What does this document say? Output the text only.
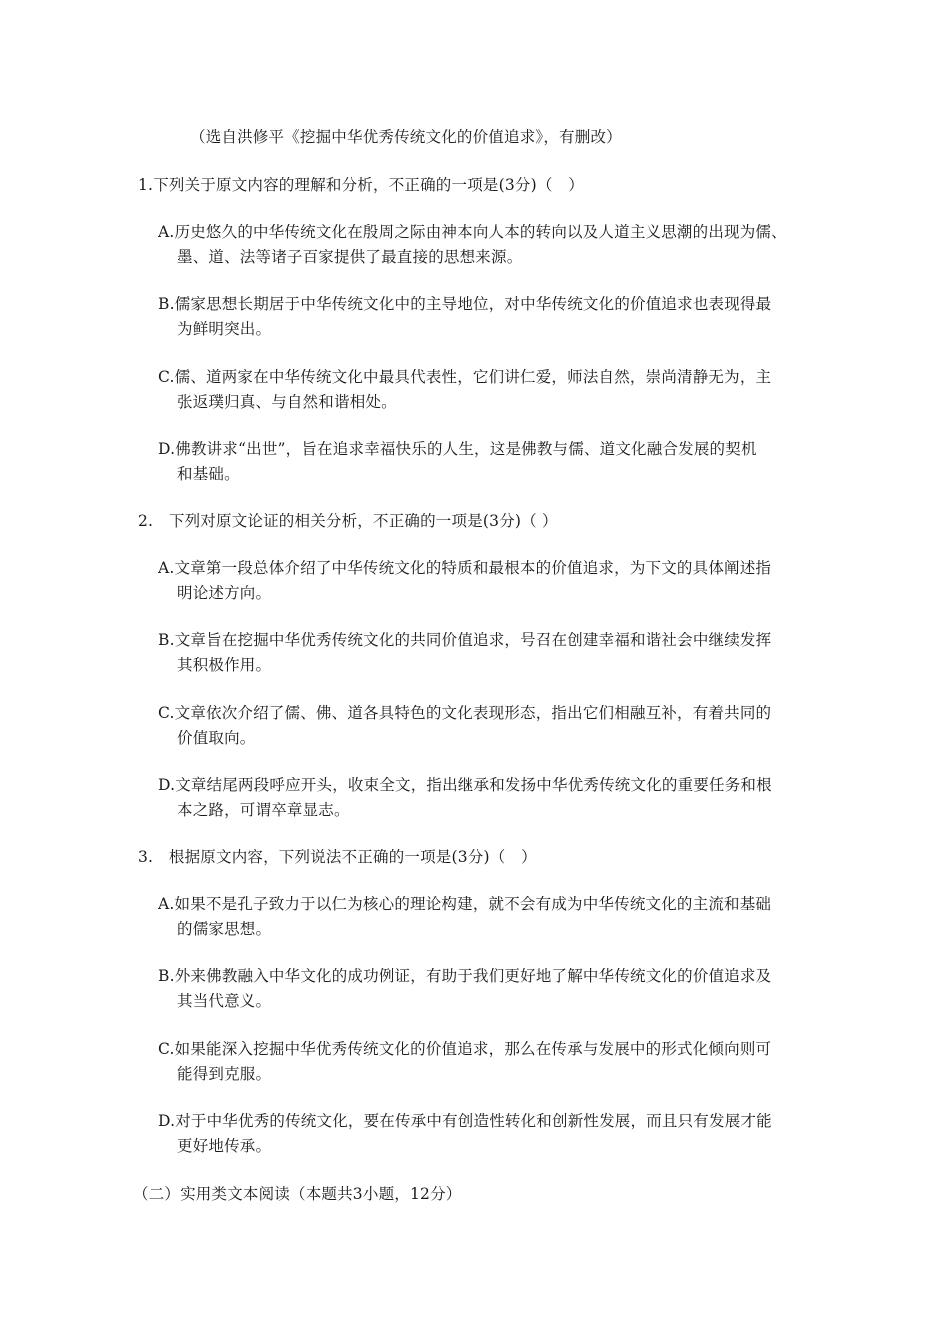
（选自洪修平《挖掘中华优秀传统文化的价值追求》，有删改）
1.下列关于原文内容的理解和分析，不正确的一项是(3分)（　）
A.历史悠久的中华传统文化在殷周之际由神本向人本的转向以及人道主义思潮的出现为儒、
墨、道、法等诸子百家提供了最直接的思想来源。
B.儒家思想长期居于中华传统文化中的主导地位，对中华传统文化的价值追求也表现得最
为鲜明突出。
C.儒、道两家在中华传统文化中最具代表性，它们讲仁爱，师法自然，崇尚清静无为，主
张返璞归真、与自然和谐相处。
D.佛教讲求“出世”，旨在追求幸福快乐的人生，这是佛教与儒、道文化融合发展的契机
和基础。
2.　下列对原文论证的相关分析，不正确的一项是(3分)（ ）
A.文章第一段总体介绍了中华传统文化的特质和最根本的价值追求，为下文的具体阐述指
明论述方向。
B.文章旨在挖掘中华优秀传统文化的共同价值追求，号召在创建幸福和谐社会中继续发挥
其积极作用。
C.文章依次介绍了儒、佛、道各具特色的文化表现形态，指出它们相融互补，有着共同的
价值取向。
D.文章结尾两段呼应开头，收束全文，指出继承和发扬中华优秀传统文化的重要任务和根
本之路，可谓卒章显志。
3.　根据原文内容，下列说法不正确的一项是(3分)（　）
A.如果不是孔子致力于以仁为核心的理论构建，就不会有成为中华传统文化的主流和基础
的儒家思想。
B.外来佛教融入中华文化的成功例证，有助于我们更好地了解中华传统文化的价值追求及
其当代意义。
C.如果能深入挖掘中华优秀传统文化的价值追求，那么在传承与发展中的形式化倾向则可
能得到克服。
D.对于中华优秀的传统文化，要在传承中有创造性转化和创新性发展，而且只有发展才能
更好地传承。
（二）实用类文本阅读（本题共3小题，12分）
